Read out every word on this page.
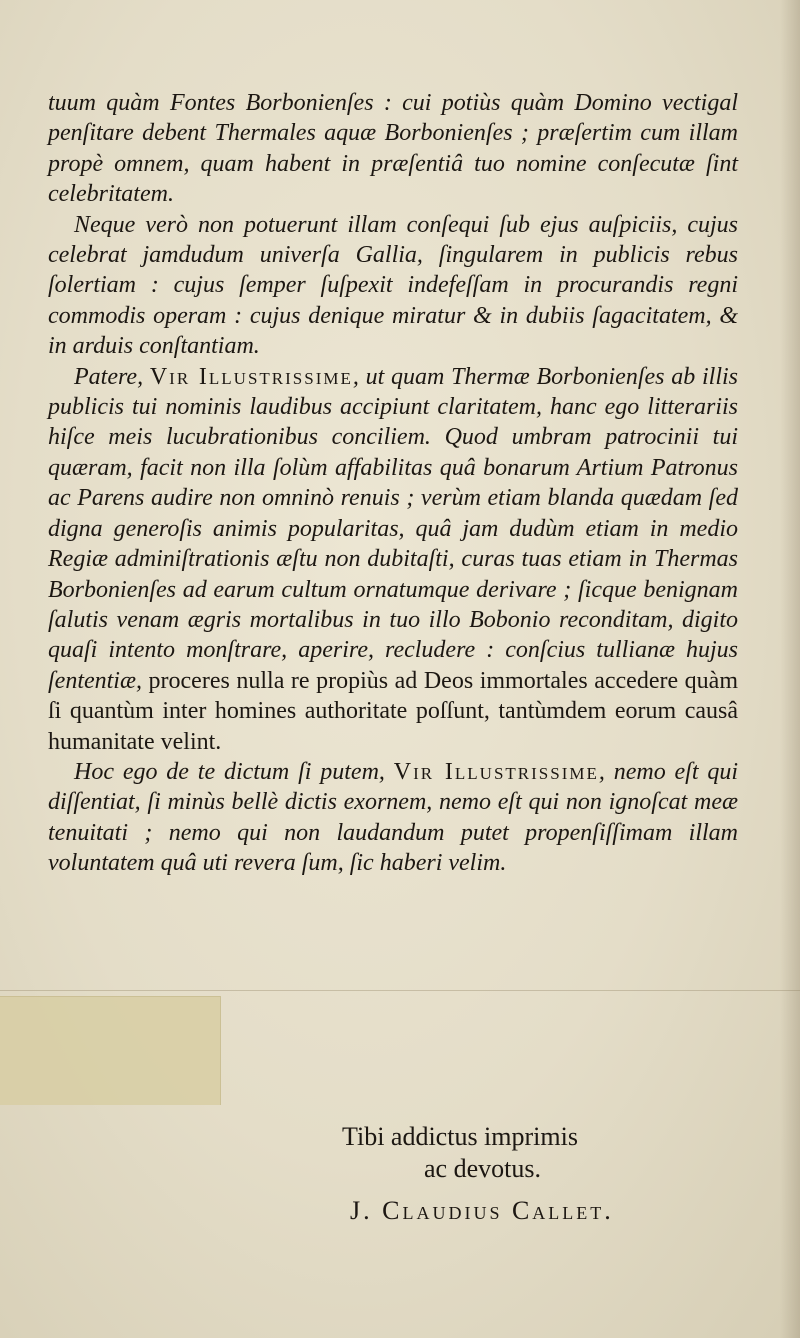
tuum quàm Fontes Borbonienſes : cui potiùs quàm Domino vectigal penſitare debent Thermales aquæ Borbonienſes ; præſertim cum illam propè omnem, quam habent in præſentiâ tuo nomine conſecutæ ſint celebritatem.

Neque verò non potuerunt illam conſequi ſub ejus auſpiciis, cujus celebrat jamdudum univerſa Gallia, ſingularem in publicis rebus ſolertiam : cujus ſemper ſuſpexit indefeſſam in procurandis regni commodis operam : cujus denique miratur & in dubiis ſagacitatem, & in arduis conſtantiam.

Patere, Vir Illustrissime, ut quam Thermæ Borbonienſes ab illis publicis tui nominis laudibus accipiunt claritatem, hanc ego litterariis hiſce meis lucubrationibus conciliem. Quod umbram patrocinii tui quæram, facit non illa ſolùm affabilitas quâ bonarum Artium Patronus ac Parens audire non omninò renuis ; verùm etiam blanda quædam ſed digna generoſis animis popularitas, quâ jam dudùm etiam in medio Regiæ adminiſtrationis æſtu non dubitaſti, curas tuas etiam in Thermas Borbonienſes ad earum cultum ornatumque derivare ; ſicque benignam ſalutis venam ægris mortalibus in tuo illo Bobonio reconditam, digito quaſi intento monſtrare, aperire, recludere : conſcius tullianæ hujus ſententiæ, proceres nulla re propiùs ad Deos immortales accedere quàm ſi quantùm inter homines authoritate poſſunt, tantùmdem eorum causâ humanitate velint.

Hoc ego de te dictum ſi putem, Vir Illustrissime, nemo eſt qui diſſentiat, ſi minùs bellè dictis exornem, nemo eſt qui non ignoſcat meæ tenuitati ; nemo qui non laudandum putet propenſiſſimam illam voluntatem quâ uti revera ſum, ſic haberi velim.

Tibi addictus imprimis
ac devotus.
J. Claudius Callet.
